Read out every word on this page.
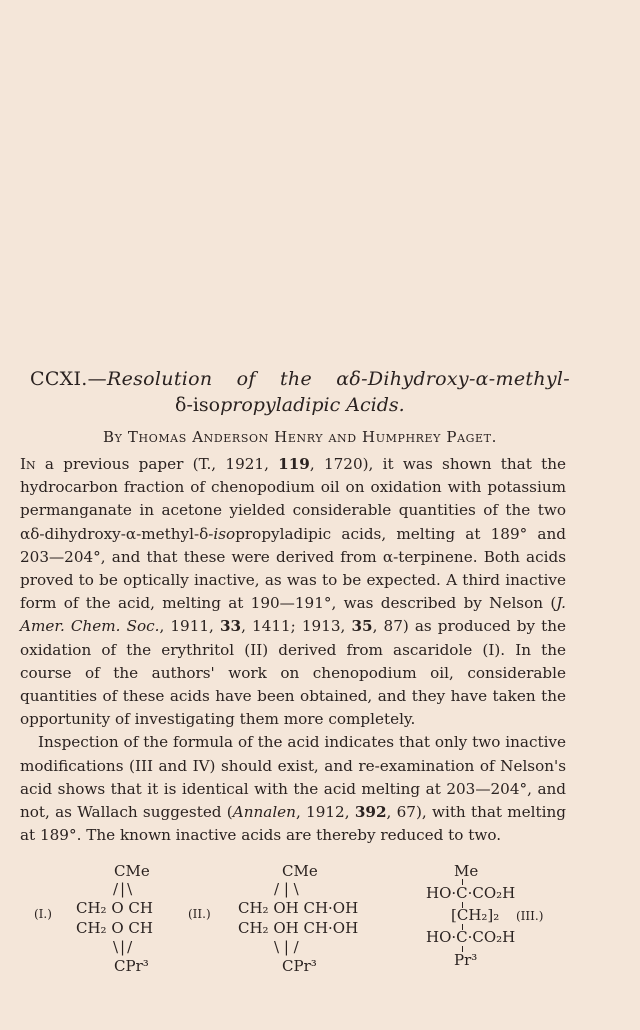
CCXI.—Resolution of the αδ-Dihydroxy-α-methyl-
δ-isopropyladipic Acids.
By Thomas Anderson Henry and Humphrey Paget.

In a previous paper (T., 1921, 119, 1720), it was shown that the hydrocarbon fraction of chenopodium oil on oxidation with potassium permanganate in acetone yielded considerable quantities of the two αδ-dihydroxy-α-methyl-δ-isopropyladipic acids, melting at 189° and 203—204°, and that these were derived from α-terpinene. Both acids proved to be optically inactive, as was to be expected. A third inactive form of the acid, melting at 190—191°, was described by Nelson (J. Amer. Chem. Soc., 1911, 33, 1411; 1913, 35, 87) as produced by the oxidation of the erythritol (II) derived from ascaridole (I). In the course of the authors' work on chenopodium oil, considerable quantities of these acids have been obtained, and they have taken the opportunity of investigating them more completely.

Inspection of the formula of the acid indicates that only two inactive modifications (III and IV) should exist, and re-examination of Nelson's acid shows that it is identical with the acid melting at 203—204°, and not, as Wallach suggested (Annalen, 1912, 392, 67), with that melting at 189°. The known inactive acids are thereby reduced to two.

(I.)
CMe
/|\
CH₂ O CH
CH₂ O CH
\|/
CPr³
(II.)
CMe
/ | \
CH₂ OH CH·OH
CH₂ OH CH·OH
\ | /
CPr³
Me
HO·C·CO₂H
[CH₂]₂ (III.)
HO·C·CO₂H
Pr³
